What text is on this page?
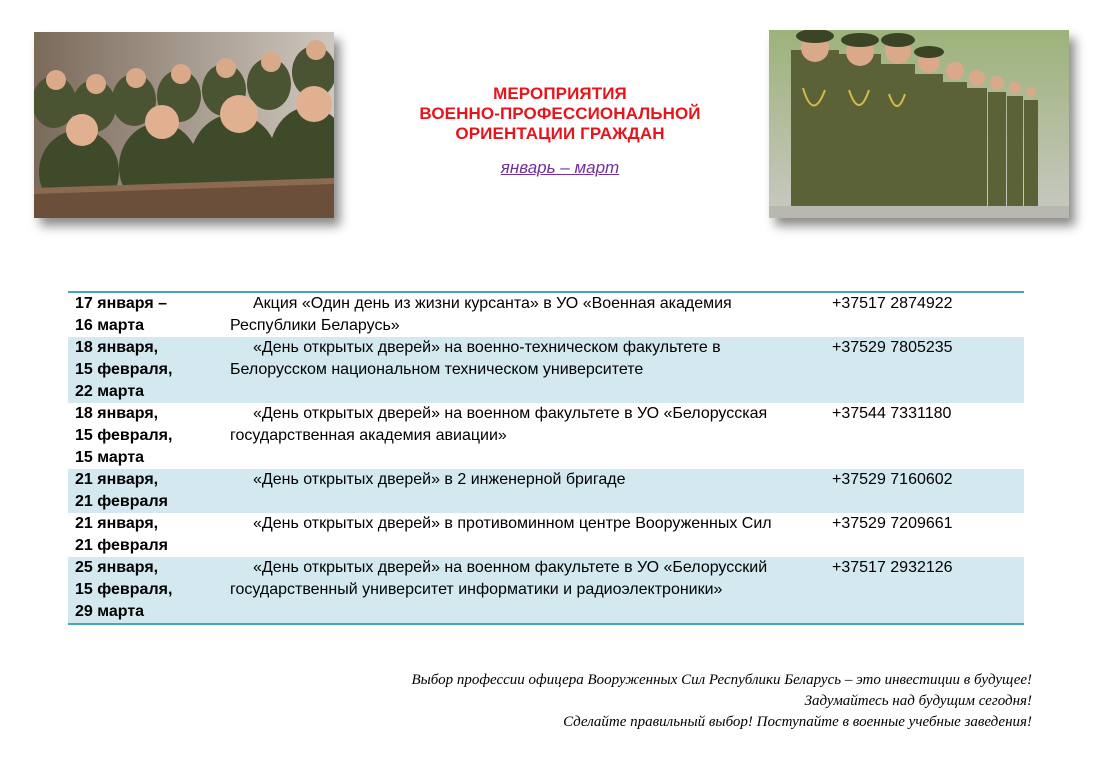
МЕРОПРИЯТИЯ
ВОЕННО-ПРОФЕССИОНАЛЬНОЙ
ОРИЕНТАЦИИ ГРАЖДАН
январь – март
17 января –
16 марта
Акция «Один день из жизни курсанта» в УО «Военная академия Республики Беларусь»
+37517 2874922
18 января,
15 февраля,
22 марта
«День открытых дверей» на военно-техническом факультете в Белорусском национальном техническом университете
+37529 7805235
18 января,
15 февраля,
15 марта
«День открытых дверей» на военном факультете в УО «Белорусская государственная академия авиации»
+37544 7331180
21 января,
21 февраля
«День открытых дверей» в 2 инженерной бригаде	+37529 7160602
21 января,
21 февраля
«День открытых дверей» в противоминном центре Вооруженных Сил	+37529 7209661
25 января,
15 февраля,
29 марта
«День открытых дверей» на военном факультете в УО «Белорусский государственный университет информатики и радиоэлектроники»
+37517 2932126
Выбор профессии офицера Вооруженных Сил Республики Беларусь – это инвестиции в будущее!
Задумайтесь над будущим сегодня!
Сделайте правильный выбор! Поступайте в военные учебные заведения!
